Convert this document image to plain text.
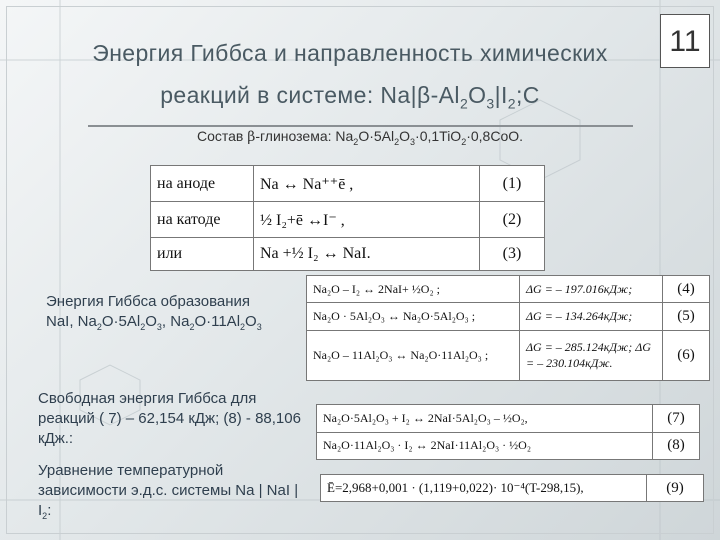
11
Энергия Гиббса и направленность химических
реакций в системе: $Na|\beta-Al_2O_3|I_2;C$
Состав β-глинозема: $Na_2O\cdot 5Al_2O_3\cdot 0,1TiO_2\cdot 0,8CoO$.
на аноде	Na ↔ Na⁺⁺ē ,	(1)
на катоде	½ I₂+ē ↔I⁻ ,	(2)
или	Na +½ I₂ ↔ NaI.	(3)
Na₂O – I₂ ↔ 2NaI+ ½O₂ ;	ΔG = – 197.016кДж;	(4)
Na₂O · 5Al₂O₃ ↔ Na₂O·5Al₂O₃ ;	ΔG = – 134.264кДж;	(5)
Na₂O – 11Al₂O₃ ↔ Na₂O·11Al₂O₃ ;	ΔG = – 285.124кДж; ΔG = – 230.104кДж.	(6)
Na₂O·5Al₂O₃ + I₂ ↔ 2NaI·5Al₂O₃ – ½O₂,	(7)
Na₂O·11Al₂O₃ · I₂ ↔ 2NaI·11Al₂O₃ · ½O₂	(8)
Ē=2,968+0,001 · (1,119+0,022)· 10⁻⁴(T-298,15),	(9)
Энергия Гиббса образования
NaI, $Na_2O\cdot 5Al_2O_3$, $Na_2O\cdot 11Al_2O_3$
Свободная энергия Гиббса для реакций ( 7) – 62,154 кДж; (8) - 88,106 кДж.:
Уравнение температурной зависимости э.д.с. системы Na | NaI | $I_2$:
